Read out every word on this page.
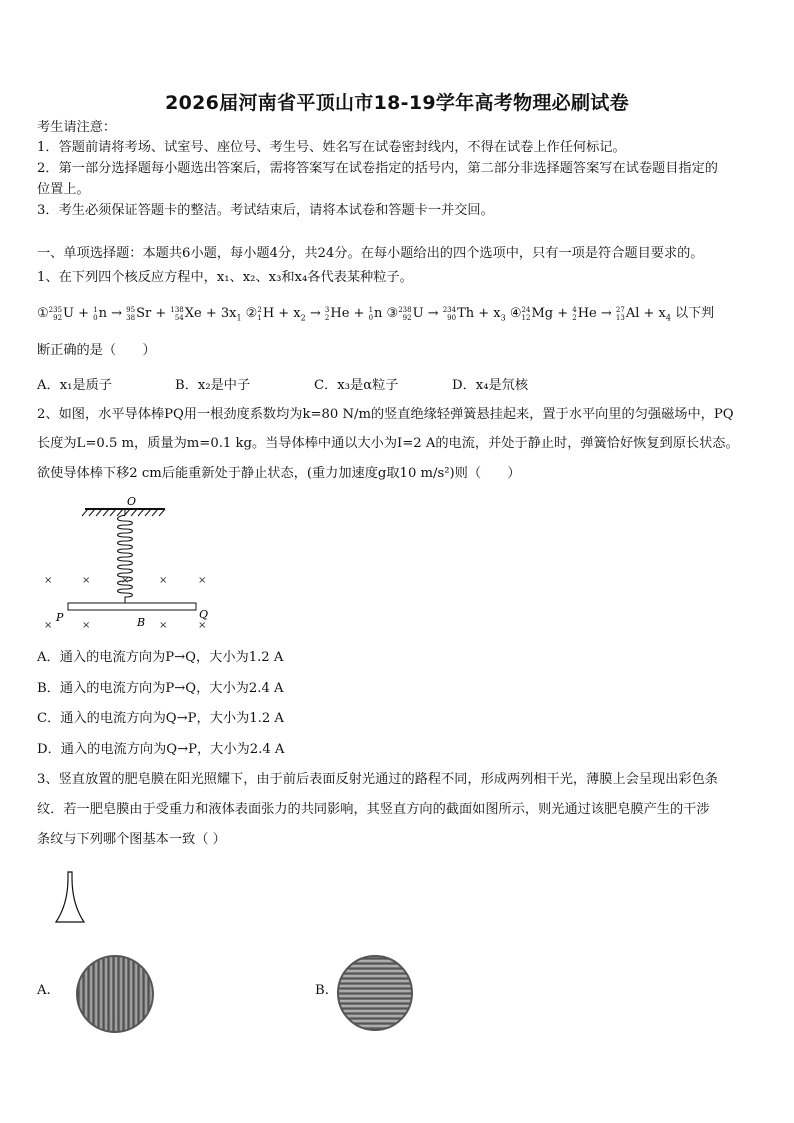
2026届河南省平顶山市18-19学年高考物理必刷试卷
考生请注意：
1．答题前请将考场、试室号、座位号、考生号、姓名写在试卷密封线内，不得在试卷上作任何标记。
2．第一部分选择题每小题选出答案后，需将答案写在试卷指定的括号内，第二部分非选择题答案写在试卷题目指定的
位置上。
3．考生必须保证答题卡的整洁。考试结束后，请将本试卷和答题卡一并交回。
一、单项选择题：本题共6小题，每小题4分，共24分。在每小题给出的四个选项中，只有一项是符合题目要求的。
1、在下列四个核反应方程中，x₁、x₂、x₃和x₄各代表某种粒子。
① 235
92 U + 1
0 n → 95
38 Sr + 138
54 $Xe + 3x_1$ ② 2
1 $H + x_2 \to 3$
2 He + 1
0 n ③ 238
92 U → 234
90 $Th + x_3$ ④ 24
12 Mg + 4
2 He → 27
13 $Al + x_4$ 以下判
断正确的是（　　）
A．x₁是质子	B．x₂是中子	C．x₃是α粒子	D．x₄是氘核
2、如图，水平导体棒PQ用一根劲度系数均为k=80 N/m的竖直绝缘轻弹簧悬挂起来，置于水平向里的匀强磁场中，PQ
长度为L=0.5 m，质量为m=0.1 kg。当导体棒中通以大小为I=2 A的电流，并处于静止时，弹簧恰好恢复到原长状态。
欲使导体棒下移2 cm后能重新处于静止状态，(重力加速度g取10 m/s²)则（　　）
O
P	Q
B
×	×	×	×	×
×	×	×	×
A．通入的电流方向为P→Q，大小为1.2 A
B．通入的电流方向为P→Q，大小为2.4 A
C．通入的电流方向为Q→P，大小为1.2 A
D．通入的电流方向为Q→P，大小为2.4 A
3、竖直放置的肥皂膜在阳光照耀下，由于前后表面反射光通过的路程不同，形成两列相干光，薄膜上会呈现出彩色条
纹．若一肥皂膜由于受重力和液体表面张力的共同影响，其竖直方向的截面如图所示，则光通过该肥皂膜产生的干涉
条纹与下列哪个图基本一致（ ）
A.	B.
